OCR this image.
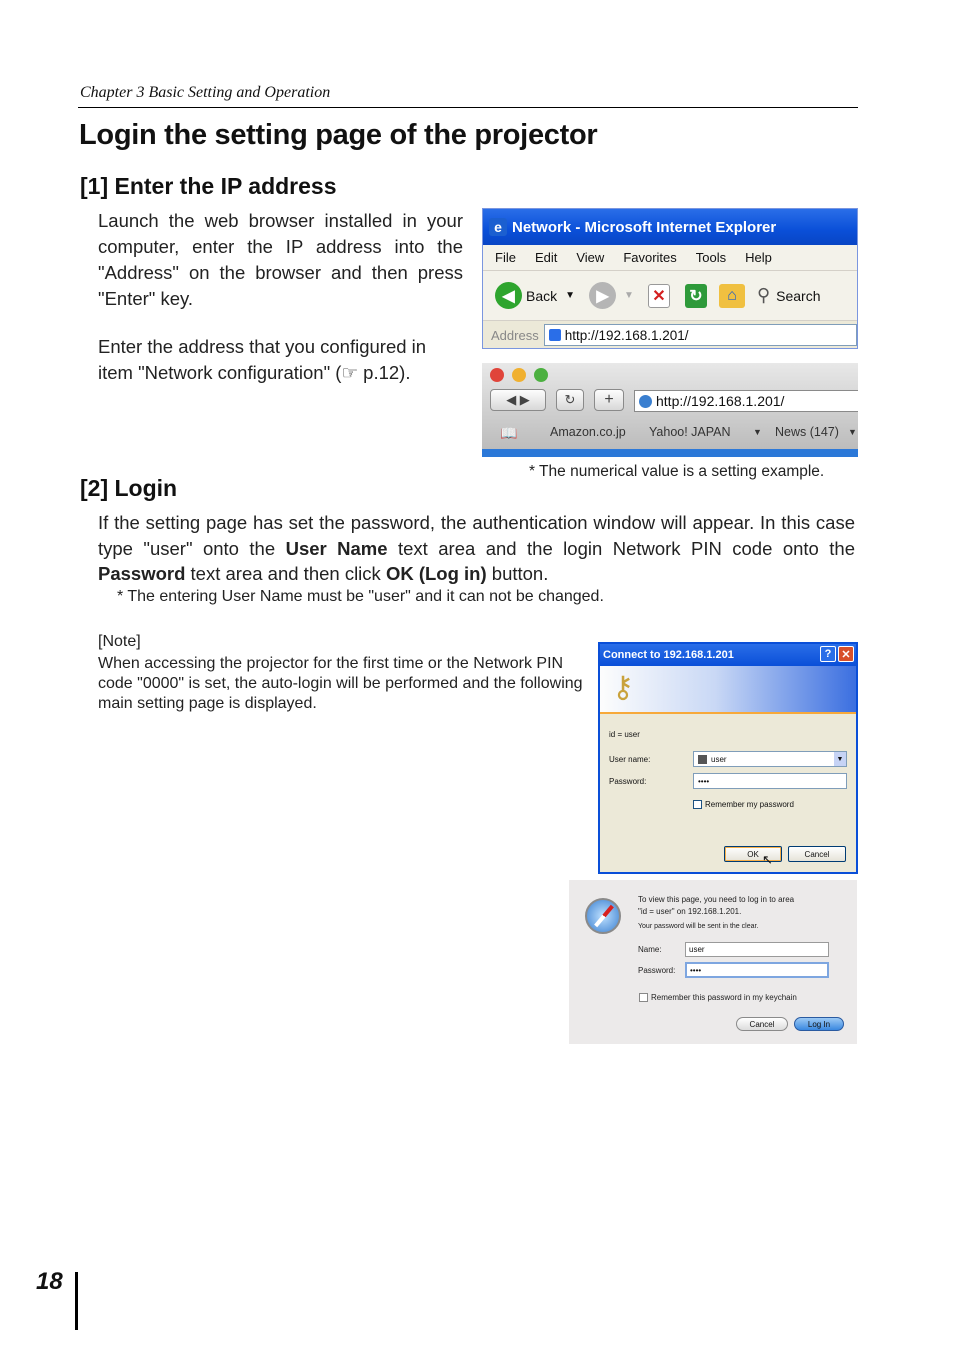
Chapter 3 Basic Setting and Operation
Login the setting page of the projector
[1] Enter the IP address

Launch the web browser installed in your computer, enter the IP address into the "Address" on the browser and then press "Enter" key.

Enter the address that you configured in item "Network configuration" (☞ p.12).

e Network - Microsoft Internet Explorer
File Edit View Favorites Tools Help
◀ Back ▼	▶	▼ ✕ ↻	⌂	⚲ Search
Address http://192.168.1.201/
◀ ▶	↻	+	http://192.168.1.201/
📖	Amazon.co.jp Yahoo! JAPAN ▼ News (147) ▼

* The numerical value is a setting example.

[2] Login

If the setting page has set the password, the authentication window will appear. In this case type "user" onto the User Name text area and the login Network PIN code onto the Password text area and then click OK (Log in) button.

* The entering User Name must be "user" and it can not be changed.

[Note]
When accessing the projector for the first time or the Network PIN code "0000" is set, the auto-login will be performed and the following main setting page is displayed.
Connect to 192.168.1.201	? ✕
⚷
id = user
User name:	user	▼
Password:	••••
Remember my password
OK	Cancel
↖
To view this page, you need to log in to area
"id = user" on 192.168.1.201.
Your password will be sent in the clear.
Name:	user
Password: ••••
Remember this password in my keychain
Cancel	Log In
18
